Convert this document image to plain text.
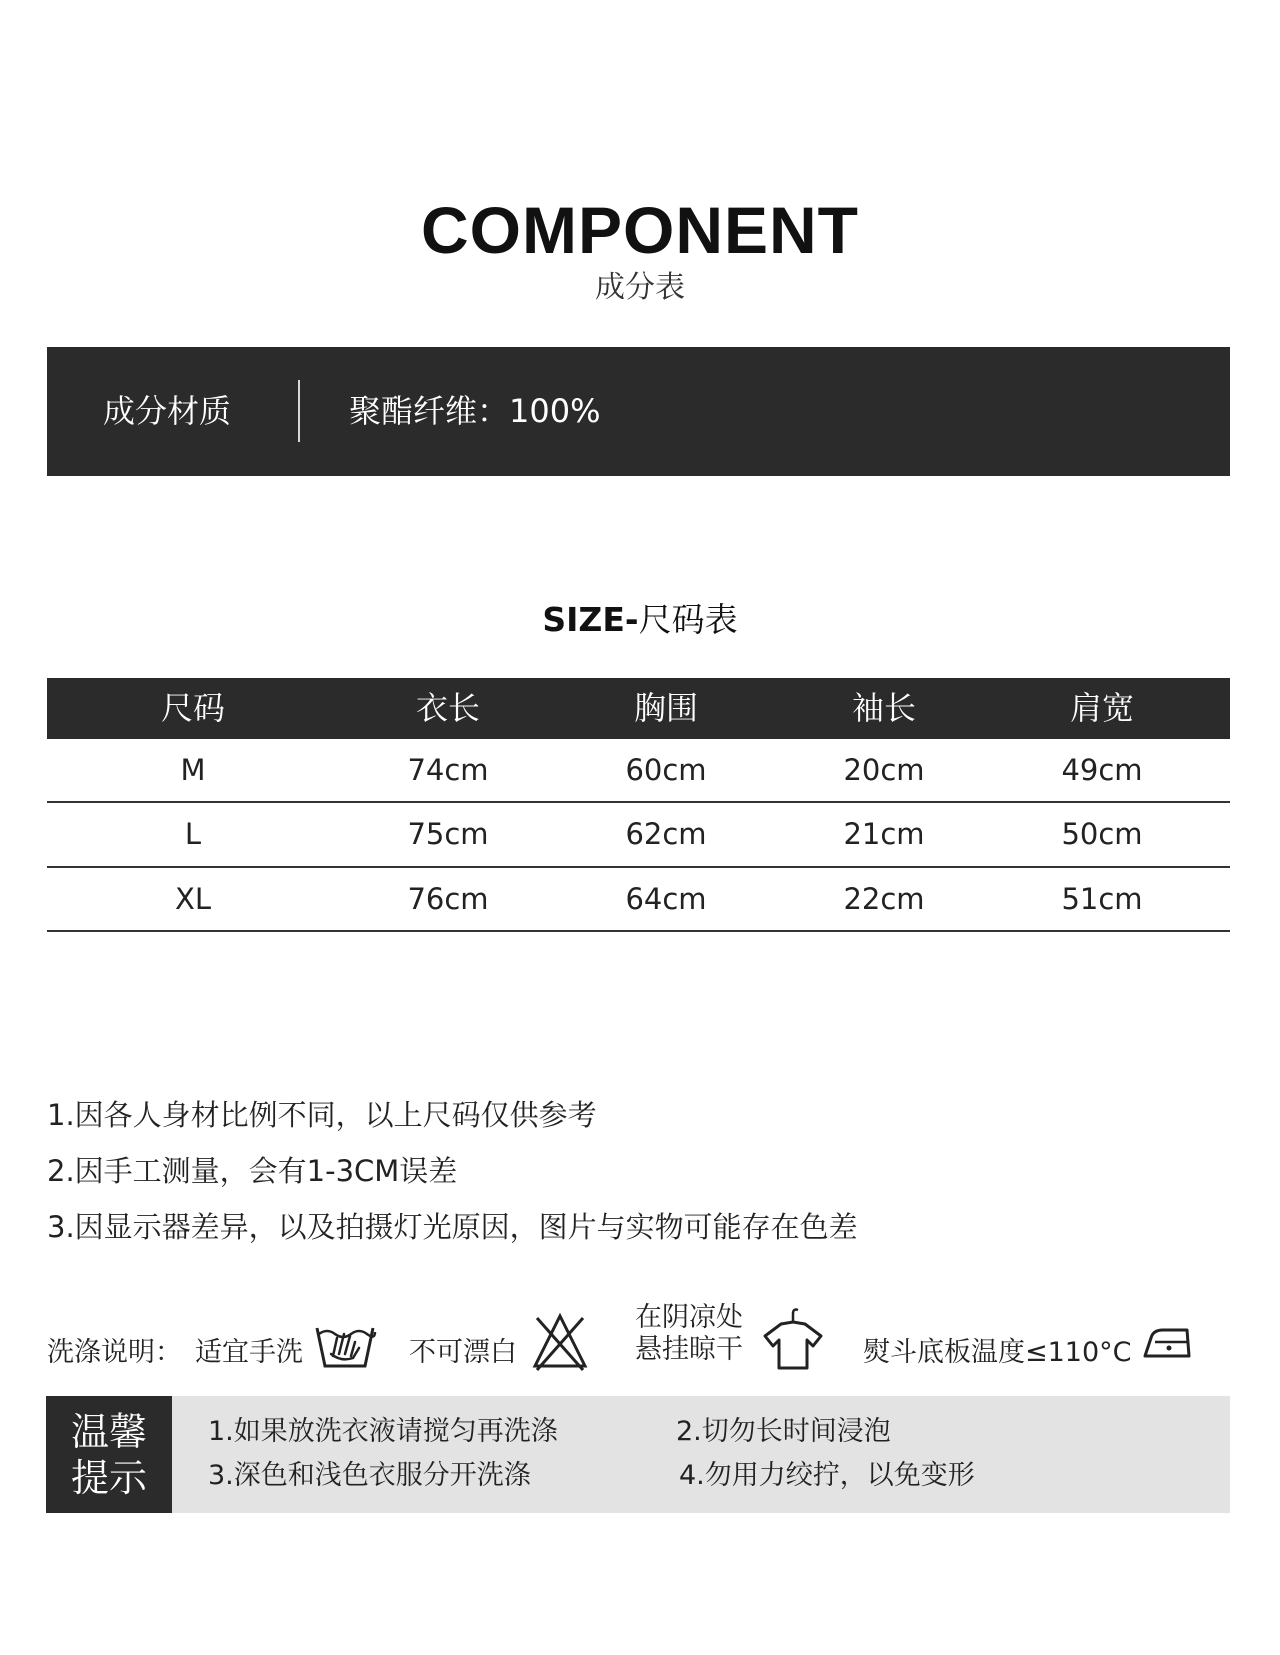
COMPONENT
成分表
成分材质	聚酯纤维：100%
SIZE-尺码表
尺码	衣长	胸围	袖长	肩宽
M	74cm	60cm	20cm	49cm
L	75cm	62cm	21cm	50cm
XL	76cm	64cm	22cm	51cm
1.因各人身材比例不同，以上尺码仅供参考
2.因手工测量，会有1-3CM误差
3.因显示器差异，以及拍摄灯光原因，图片与实物可能存在色差
洗涤说明： 适宜手洗	不可漂白
在阴凉处
悬挂晾干	熨斗底板温度≤110°C
温馨
提示
1.如果放洗衣液请搅匀再洗涤	2.切勿长时间浸泡
3.深色和浅色衣服分开洗涤	4.勿用力绞拧，以免变形
